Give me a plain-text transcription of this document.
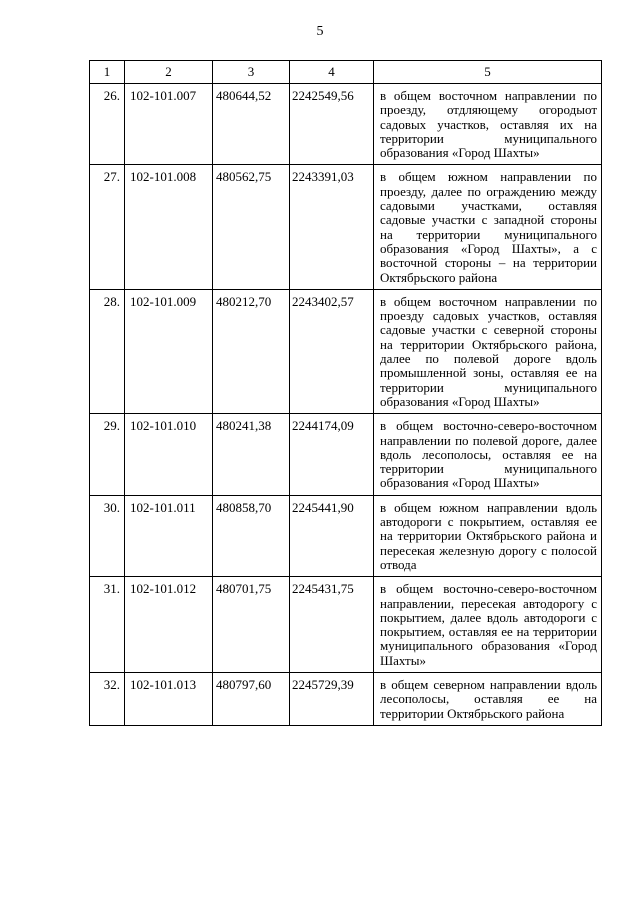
5
1	2	3	4	5
26.	102-101.007	480644,52	2242549,56	в общем восточном направлении по проезду, отдляющему огородыот садовых участков, оставляя их на территории муниципального образования «Город Шахты»
27.	102-101.008	480562,75	2243391,03	в общем южном направлении по проезду, далее по ограждению между садовыми участками, оставляя садовые участки с западной стороны на территории муниципального образования «Город Шахты», а с восточной стороны – на территории Октябрьского района
28.	102-101.009	480212,70	2243402,57	в общем восточном направлении по проезду садовых участков, оставляя садовые участки с северной стороны на территории Октябрьского района, далее по полевой дороге вдоль промышленной зоны, оставляя ее на территории муниципального образования «Город Шахты»
29.	102-101.010	480241,38	2244174,09	в общем восточно-северо-восточном направлении по полевой дороге, далее вдоль лесополосы, оставляя ее на территории муниципального образования «Город Шахты»
30.	102-101.011	480858,70	2245441,90	в общем южном направлении вдоль автодороги с покрытием, оставляя ее на территории Октябрьского района и пересекая железную дорогу с полосой отвода
31.	102-101.012	480701,75	2245431,75	в общем восточно-северо-восточном направлении, пересекая автодорогу с покрытием, далее вдоль автодороги с покрытием, оставляя ее на территории муниципального образования «Город Шахты»
32.	102-101.013	480797,60	2245729,39	в общем северном направлении вдоль лесополосы, оставляя ее на территории Октябрьского района
